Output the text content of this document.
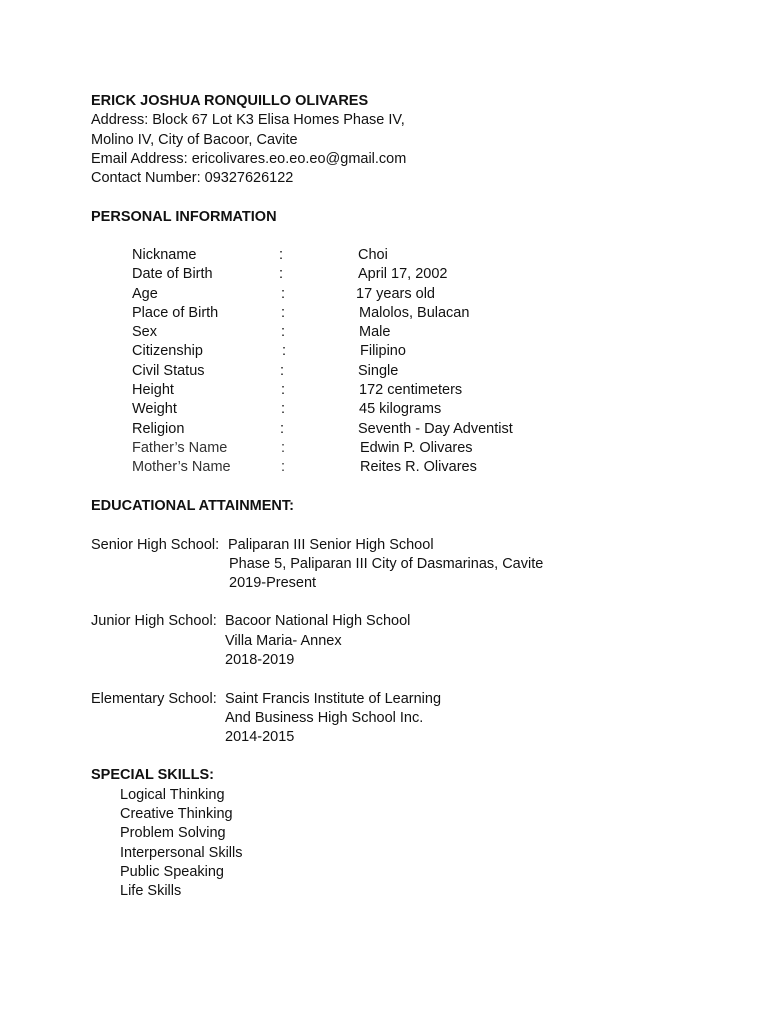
ERICK JOSHUA RONQUILLO OLIVARES
Address: Block 67 Lot K3 Elisa Homes Phase IV,
Molino IV, City of Bacoor, Cavite
Email Address: ericolivares.eo.eo.eo@gmail.com
Contact Number: 09327626122
PERSONAL INFORMATION
Nickname	:	Choi
Date of Birth	:	April 17, 2002
Age	:	17 years old
Place of Birth	:	Malolos, Bulacan
Sex	:	Male
Citizenship	:	Filipino
Civil Status	:	Single
Height	:	172 centimeters
Weight	:	45 kilograms
Religion	:	Seventh - Day Adventist
Father’s Name	:	Edwin P. Olivares
Mother’s Name	:	Reites R. Olivares
EDUCATIONAL ATTAINMENT:
Senior High School: Paliparan III Senior High School
Phase 5, Paliparan III City of Dasmarinas, Cavite
2019-Present
Junior High School: Bacoor National High School
Villa Maria- Annex
2018-2019
Elementary School: Saint Francis Institute of Learning
And Business High School Inc.
2014-2015
SPECIAL SKILLS:
Logical Thinking
Creative Thinking
Problem Solving
Interpersonal Skills
Public Speaking
Life Skills
